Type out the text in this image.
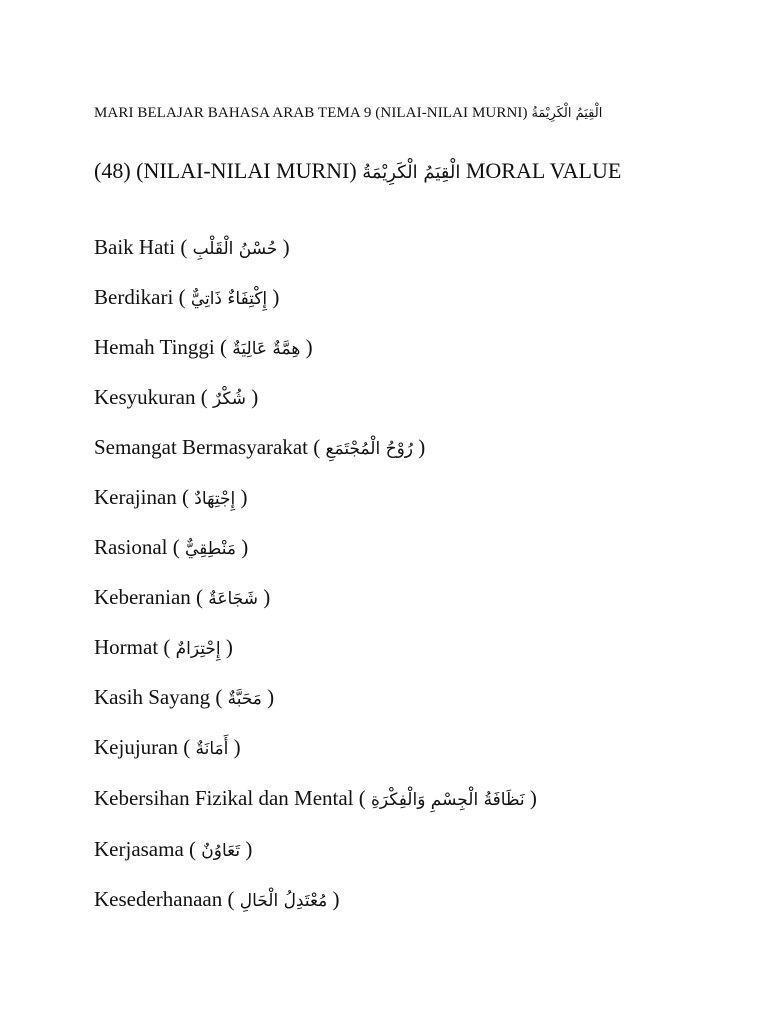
MARI BELAJAR BAHASA ARAB TEMA 9 (NILAI-NILAI MURNI) الْقِيَمُ الْكَرِيْمَةُ
(48) (NILAI-NILAI MURNI) الْقِيَمُ الْكَرِيْمَةُ MORAL VALUE
Baik Hati ( حُسْنُ الْقَلْبِ )
Berdikari ( إِكْتِفَاءٌ ذَاتِيٌّ )
Hemah Tinggi ( هِمَّةٌ عَالِيَةٌ )
Kesyukuran ( شُكْرٌ )
Semangat Bermasyarakat ( رُوْحُ الْمُجْتَمَعِ )
Kerajinan ( إِجْتِهَادٌ )
Rasional ( مَنْطِقِيٌّ )
Keberanian ( شَجَاعَةٌ )
Hormat ( إِحْتِرَامٌ )
Kasih Sayang ( مَحَبَّةٌ )
Kejujuran ( أَمَانَةٌ )
Kebersihan Fizikal dan Mental ( نَظَافَةُ الْجِسْمِ وَالْفِكْرَةِ )
Kerjasama ( تَعَاوُنٌ )
Kesederhanaan ( مُعْتَدِلُ الْحَالِ )
